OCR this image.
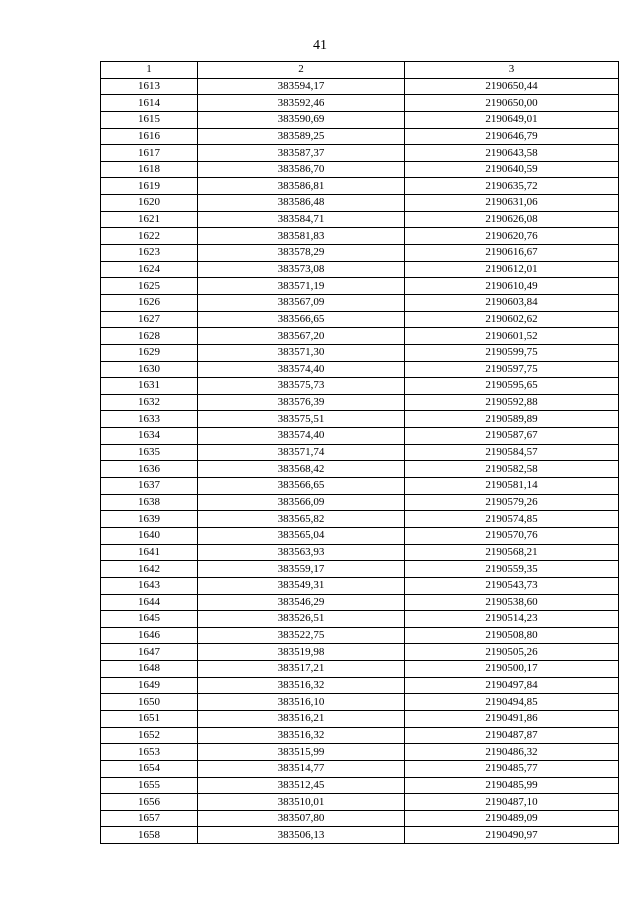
41
1	2	3
1613	383594,17	2190650,44
1614	383592,46	2190650,00
1615	383590,69	2190649,01
1616	383589,25	2190646,79
1617	383587,37	2190643,58
1618	383586,70	2190640,59
1619	383586,81	2190635,72
1620	383586,48	2190631,06
1621	383584,71	2190626,08
1622	383581,83	2190620,76
1623	383578,29	2190616,67
1624	383573,08	2190612,01
1625	383571,19	2190610,49
1626	383567,09	2190603,84
1627	383566,65	2190602,62
1628	383567,20	2190601,52
1629	383571,30	2190599,75
1630	383574,40	2190597,75
1631	383575,73	2190595,65
1632	383576,39	2190592,88
1633	383575,51	2190589,89
1634	383574,40	2190587,67
1635	383571,74	2190584,57
1636	383568,42	2190582,58
1637	383566,65	2190581,14
1638	383566,09	2190579,26
1639	383565,82	2190574,85
1640	383565,04	2190570,76
1641	383563,93	2190568,21
1642	383559,17	2190559,35
1643	383549,31	2190543,73
1644	383546,29	2190538,60
1645	383526,51	2190514,23
1646	383522,75	2190508,80
1647	383519,98	2190505,26
1648	383517,21	2190500,17
1649	383516,32	2190497,84
1650	383516,10	2190494,85
1651	383516,21	2190491,86
1652	383516,32	2190487,87
1653	383515,99	2190486,32
1654	383514,77	2190485,77
1655	383512,45	2190485,99
1656	383510,01	2190487,10
1657	383507,80	2190489,09
1658	383506,13	2190490,97
